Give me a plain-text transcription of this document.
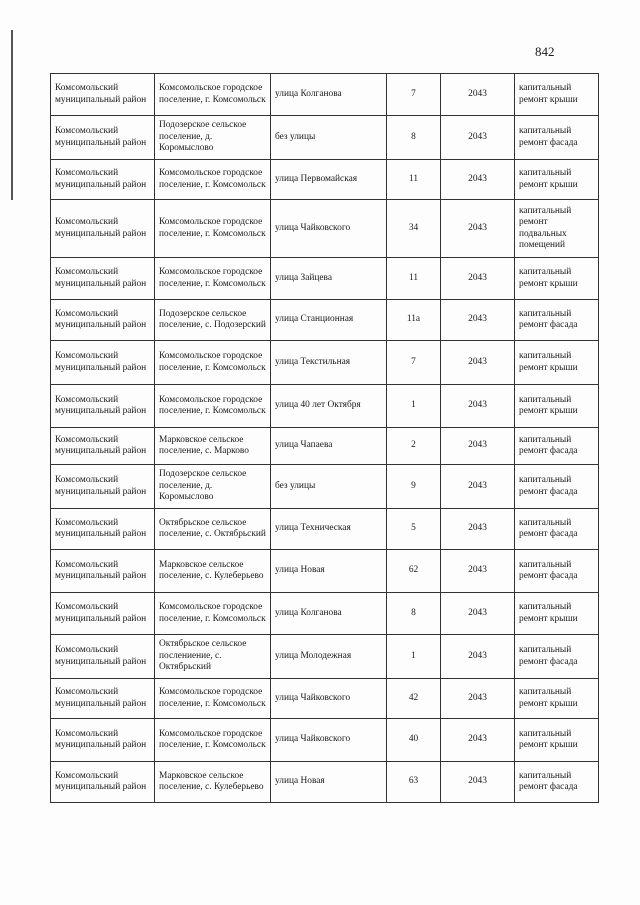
842
Комсомольский муниципальный район	Комсомольское городское поселение, г. Комсомольск	улица Колганова	7	2043	капитальный ремонт крыши
Комсомольский муниципальный район	Подозерское сельское поселение, д. Коромыслово	без улицы	8	2043	капитальный ремонт фасада
Комсомольский муниципальный район	Комсомольское городское поселение, г. Комсомольск	улица Первомайская	11	2043	капитальный ремонт крыши
Комсомольский муниципальный район	Комсомольское городское поселение, г. Комсомольск	улица Чайковского	34	2043	капитальный ремонт подвальных помещений
Комсомольский муниципальный район	Комсомольское городское поселение, г. Комсомольск	улица Зайцева	11	2043	капитальный ремонт крыши
Комсомольский муниципальный район	Подозерское сельское поселение, с. Подозерский	улица Станционная	11а	2043	капитальный ремонт фасада
Комсомольский муниципальный район	Комсомольское городское поселение, г. Комсомольск	улица Текстильная	7	2043	капитальный ремонт крыши
Комсомольский муниципальный район	Комсомольское городское поселение, г. Комсомольск	улица 40 лет Октября	1	2043	капитальный ремонт крыши
Комсомольский муниципальный район	Марковское сельское поселение, с. Марково	улица Чапаева	2	2043	капитальный ремонт фасада
Комсомольский муниципальный район	Подозерское сельское поселение, д. Коромыслово	без улицы	9	2043	капитальный ремонт фасада
Комсомольский муниципальный район	Октябрьское сельское поселение, с. Октябрьский	улица Техническая	5	2043	капитальный ремонт фасада
Комсомольский муниципальный район	Марковское сельское поселение, с. Кулеберьево	улица Новая	62	2043	капитальный ремонт фасада
Комсомольский муниципальный район	Комсомольское городское поселение, г. Комсомольск	улица Колганова	8	2043	капитальный ремонт крыши
Комсомольский муниципальный район	Октябрьское сельское послениение, с. Октябрьский	улица Молодежная	1	2043	капитальный ремонт фасада
Комсомольский муниципальный район	Комсомольское городское поселение, г. Комсомольск	улица Чайковского	42	2043	капитальный ремонт крыши
Комсомольский муниципальный район	Комсомольское городское поселение, г. Комсомольск	улица Чайковского	40	2043	капитальный ремонт крыши
Комсомольский муниципальный район	Марковское сельское поселение, с. Кулеберьево	улица Новая	63	2043	капитальный ремонт фасада
